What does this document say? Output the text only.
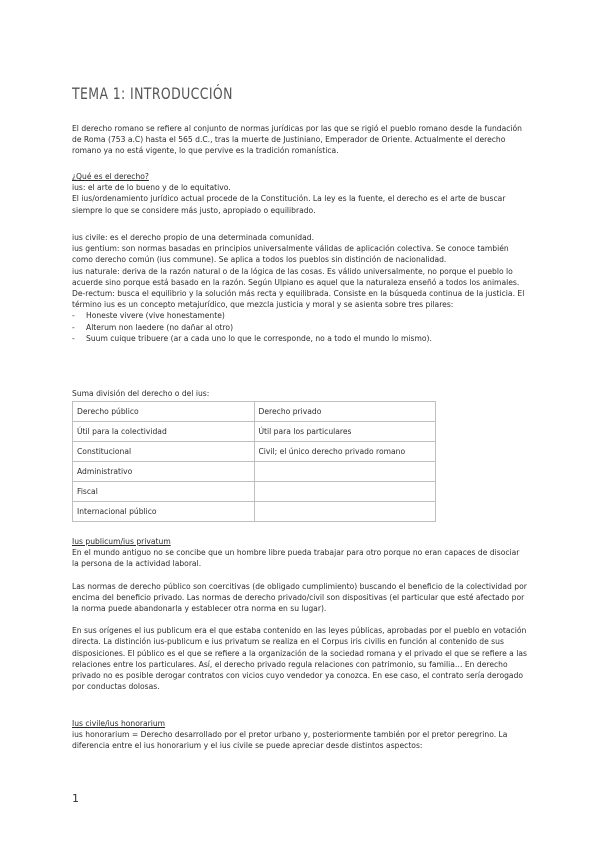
TEMA 1: INTRODUCCIÓN

El derecho romano se refiere al conjunto de normas jurídicas por las que se rigió el pueblo romano desde la fundación de Roma (753 a.C) hasta el 565 d.C., tras la muerte de Justiniano, Emperador de Oriente. Actualmente el derecho romano ya no está vigente, lo que pervive es la tradición romanística.

¿Qué es el derecho?

ius: el arte de lo bueno y de lo equitativo.

El ius/ordenamiento jurídico actual procede de la Constitución. La ley es la fuente, el derecho es el arte de buscar siempre lo que se considere más justo, apropiado o equilibrado.

ius civile: es el derecho propio de una determinada comunidad.

ius gentium: son normas basadas en principios universalmente válidas de aplicación colectiva. Se conoce también como derecho común (ius commune). Se aplica a todos los pueblos sin distinción de nacionalidad.

ius naturale: deriva de la razón natural o de la lógica de las cosas. Es válido universalmente, no porque el pueblo lo acuerde sino porque está basado en la razón. Según Ulpiano es aquel que la naturaleza enseñó a todos los animales.

De-rectum: busca el equilibrio y la solución más recta y equilibrada. Consiste en la búsqueda continua de la justicia. El término ius es un concepto metajurídico, que mezcla justicia y moral y se asienta sobre tres pilares:

- Honeste vivere (vive honestamente)

- Alterum non laedere (no dañar al otro)

- Suum cuique tribuere (ar a cada uno lo que le corresponde, no a todo el mundo lo mismo).

Suma división del derecho o del ius:
Derecho público	Derecho privado
Útil para la colectividad	Útil para los particulares
Constitucional	Civil; el único derecho privado romano
Administrativo	
Fiscal	
Internacional público	

Ius publicum/ius privatum

En el mundo antiguo no se concibe que un hombre libre pueda trabajar para otro porque no eran capaces de disociar la persona de la actividad laboral.

Las normas de derecho público son coercitivas (de obligado cumplimiento) buscando el beneficio de la colectividad por encima del beneficio privado. Las normas de derecho privado/civil son dispositivas (el particular que esté afectado por la norma puede abandonarla y establecer otra norma en su lugar).

En sus orígenes el ius publicum era el que estaba contenido en las leyes públicas, aprobadas por el pueblo en votación directa. La distinción ius-publicum e ius privatum se realiza en el Corpus iris civilis en función al contenido de sus disposiciones. El público es el que se refiere a la organización de la sociedad romana y el privado el que se refiere a las relaciones entre los particulares. Así, el derecho privado regula relaciones con patrimonio, su familia… En derecho privado no es posible derogar contratos con vicios cuyo vendedor ya conozca. En ese caso, el contrato sería derogado por conductas dolosas.

Ius civile/ius honorarium

ius honorarium = Derecho desarrollado por el pretor urbano y, posteriormente también por el pretor peregrino. La diferencia entre el ius honorarium y el ius civile se puede apreciar desde distintos aspectos:

1
